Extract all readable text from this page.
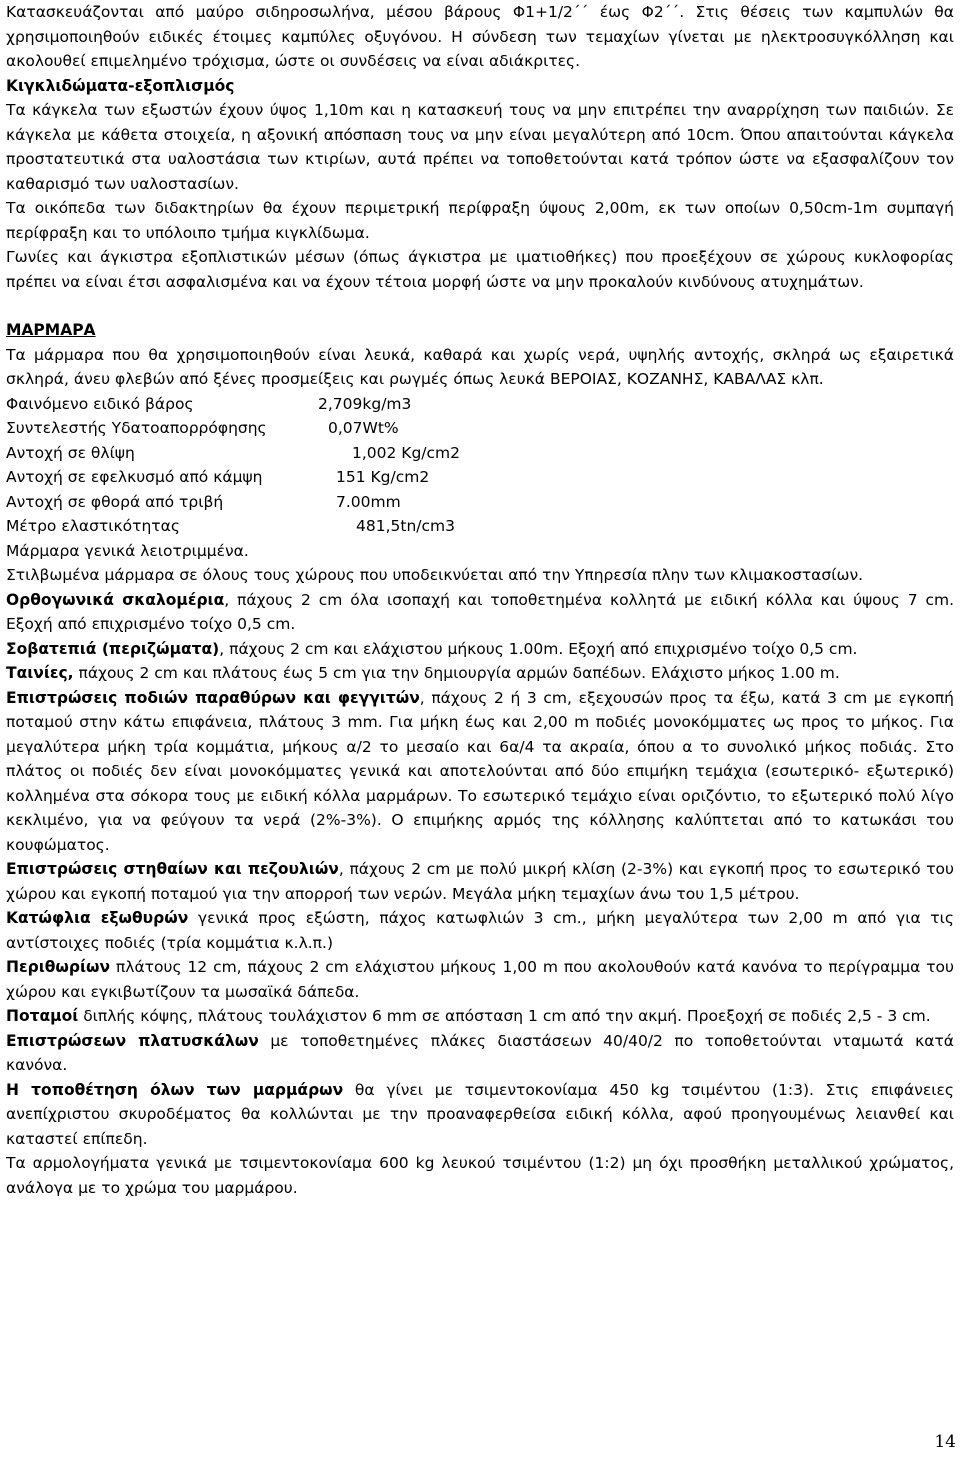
Κατασκευάζονται από μαύρο σιδηροσωλήνα, μέσου βάρους Φ1+1/2΄΄ έως Φ2΄΄. Στις θέσεις των καμπυλών θα χρησιμοποιηθούν ειδικές έτοιμες καμπύλες οξυγόνου. Η σύνδεση των τεμαχίων γίνεται με ηλεκτροσυγκόλληση και ακολουθεί επιμελημένο τρόχισμα, ώστε οι συνδέσεις να είναι αδιάκριτες.

Κιγκλιδώματα-εξοπλισμός

Τα κάγκελα των εξωστών έχουν ύψος 1,10m και η κατασκευή τους να μην επιτρέπει την αναρρίχηση των παιδιών. Σε κάγκελα με κάθετα στοιχεία, η αξονική απόσπαση τους να μην είναι μεγαλύτερη από 10cm. Όπου απαιτούνται κάγκελα προστατευτικά στα υαλοστάσια των κτιρίων, αυτά πρέπει να τοποθετούνται κατά τρόπον ώστε να εξασφαλίζουν τον καθαρισμό των υαλοστασίων.

Τα οικόπεδα των διδακτηρίων θα έχουν περιμετρική περίφραξη ύψους 2,00m, εκ των οποίων 0,50cm-1m συμπαγή περίφραξη και το υπόλοιπο τμήμα κιγκλίδωμα.

Γωνίες και άγκιστρα εξοπλιστικών μέσων (όπως άγκιστρα με ιματιοθήκες) που προεξέχουν σε χώρους κυκλοφορίας πρέπει να είναι έτσι ασφαλισμένα και να έχουν τέτοια μορφή ώστε να μην προκαλούν κινδύνους ατυχημάτων.

ΜΑΡΜΑΡΑ

Τα μάρμαρα που θα χρησιμοποιηθούν είναι λευκά, καθαρά και χωρίς νερά, υψηλής αντοχής, σκληρά ως εξαιρετικά σκληρά, άνευ φλεβών από ξένες προσμείξεις και ρωγμές όπως λευκά ΒΕΡΟΙΑΣ, ΚΟΖΑΝΗΣ, ΚΑΒΑΛΑΣ κλπ.

Φαινόμενο ειδικό βάρος	2,709kg/m3
Συντελεστής Υδατοαπορρόφησης	0,07Wt%
Αντοχή σε θλίψη	1,002 Kg/cm2
Αντοχή σε εφελκυσμό από κάμψη	151 Kg/cm2
Αντοχή σε φθορά από τριβή	7.00mm
Μέτρο ελαστικότητας	481,5tn/cm3

Μάρμαρα γενικά λειοτριμμένα.

Στιλβωμένα μάρμαρα σε όλους τους χώρους που υποδεικνύεται από την Υπηρεσία πλην των κλιμακοστασίων.

Ορθογωνικά σκαλομέρια, πάχους 2 cm όλα ισοπαχή και τοποθετημένα κολλητά με ειδική κόλλα και ύψους 7 cm. Εξοχή από επιχρισμένο τοίχο 0,5 cm.

Σοβατεπιά (περιζώματα), πάχους 2 cm και ελάχιστου μήκους 1.00m. Εξοχή από επιχρισμένο τοίχο 0,5 cm.

Ταινίες, πάχους 2 cm και πλάτους έως 5 cm για την δημιουργία αρμών δαπέδων. Ελάχιστο μήκος 1.00 m.

Επιστρώσεις ποδιών παραθύρων και φεγγιτών, πάχους 2 ή 3 cm, εξεχουσών προς τα έξω, κατά 3 cm με εγκοπή ποταμού στην κάτω επιφάνεια, πλάτους 3 mm. Για μήκη έως και 2,00 m ποδιές μονοκόμματες ως προς το μήκος. Για μεγαλύτερα μήκη τρία κομμάτια, μήκους α/2 το μεσαίο και 6α/4 τα ακραία, όπου α το συνολικό μήκος ποδιάς. Στο πλάτος οι ποδιές δεν είναι μονοκόμματες γενικά και αποτελούνται από δύο επιμήκη τεμάχια (εσωτερικό- εξωτερικό) κολλημένα στα σόκορα τους με ειδική κόλλα μαρμάρων. Το εσωτερικό τεμάχιο είναι οριζόντιο, το εξωτερικό πολύ λίγο κεκλιμένο, για να φεύγουν τα νερά (2%-3%). Ο επιμήκης αρμός της κόλλησης καλύπτεται από το κατωκάσι του κουφώματος.

Επιστρώσεις στηθαίων και πεζουλιών, πάχους 2 cm με πολύ μικρή κλίση (2-3%) και εγκοπή προς το εσωτερικό του χώρου και εγκοπή ποταμού για την απορροή των νερών. Μεγάλα μήκη τεμαχίων άνω του 1,5 μέτρου.

Κατώφλια εξωθυρών γενικά προς εξώστη, πάχος κατωφλιών 3 cm., μήκη μεγαλύτερα των 2,00 m από για τις αντίστοιχες ποδιές (τρία κομμάτια κ.λ.π.)

Περιθωρίων πλάτους 12 cm, πάχους 2 cm ελάχιστου μήκους 1,00 m που ακολουθούν κατά κανόνα το περίγραμμα του χώρου και εγκιβωτίζουν τα μωσαϊκά δάπεδα.

Ποταμοί διπλής κόψης, πλάτους τουλάχιστον 6 mm σε απόσταση 1 cm από την ακμή. Προεξοχή σε ποδιές 2,5 - 3 cm.

Επιστρώσεων πλατυσκάλων με τοποθετημένες πλάκες διαστάσεων 40/40/2 πο τοποθετούνται νταμωτά κατά κανόνα.

Η τοποθέτηση όλων των μαρμάρων θα γίνει με τσιμεντοκονίαμα 450 kg τσιμέντου (1:3). Στις επιφάνειες ανεπίχριστου σκυροδέματος θα κολλώνται με την προαναφερθείσα ειδική κόλλα, αφού προηγουμένως λειανθεί και καταστεί επίπεδη.

Τα αρμολογήματα γενικά με τσιμεντοκονίαμα 600 kg λευκού τσιμέντου (1:2) μη όχι προσθήκη μεταλλικού χρώματος, ανάλογα με το χρώμα του μαρμάρου.

14
